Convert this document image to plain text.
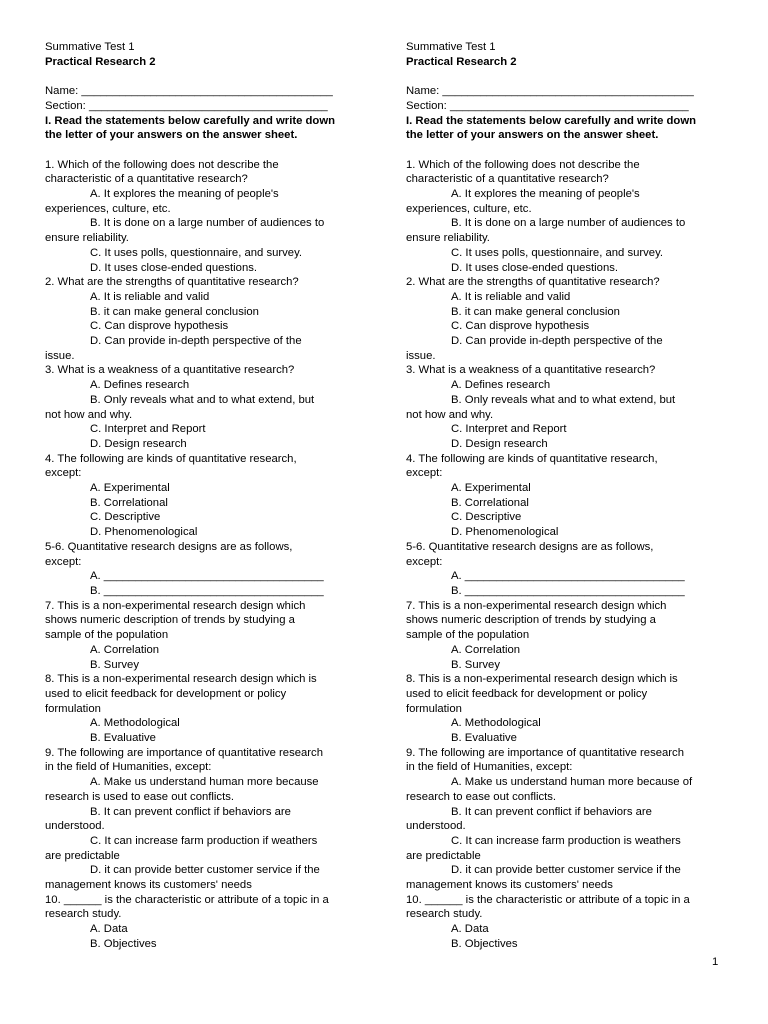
Summative Test 1

Practical Research 2

Name: ________________________________________

Section: ______________________________________

I. Read the statements below carefully and write down

the letter of your answers on the answer sheet.

1. Which of the following does not describe the

characteristic of a quantitative research?

A. It explores the meaning of people's

experiences, culture, etc.

B. It is done on a large number of audiences to

ensure reliability.

C. It uses polls, questionnaire, and survey.

D. It uses close-ended questions.

2. What are the strengths of quantitative research?

A. It is reliable and valid

B. it can make general conclusion

C. Can disprove hypothesis

D. Can provide in-depth perspective of the

issue.

3. What is a weakness of a quantitative research?

A. Defines research

B. Only reveals what and to what extend, but

not how and why.

C. Interpret and Report

D. Design research

4. The following are kinds of quantitative research,

except:

A. Experimental

B. Correlational

C. Descriptive

D. Phenomenological

5-6. Quantitative research designs are as follows,

except:

A. ___________________________________

B. ___________________________________

7. This is a non-experimental research design which

shows numeric description of trends by studying a

sample of the population

A. Correlation

B. Survey

8. This is a non-experimental research design which is

used to elicit feedback for development or policy

formulation

A. Methodological

B. Evaluative

9. The following are importance of quantitative research

in the field of Humanities, except:

A. Make us understand human more because

research is used to ease out conflicts.

B. It can prevent conflict if behaviors are

understood.

C. It can increase farm production if weathers

are predictable

D. it can provide better customer service if the

management knows its customers' needs

10. ______ is the characteristic or attribute of a topic in a

research study.

A. Data

B. Objectives

Summative Test 1

Practical Research 2

Name: ________________________________________

Section: ______________________________________

I. Read the statements below carefully and write down

the letter of your answers on the answer sheet.

1. Which of the following does not describe the

characteristic of a quantitative research?

A. It explores the meaning of people's

experiences, culture, etc.

B. It is done on a large number of audiences to

ensure reliability.

C. It uses polls, questionnaire, and survey.

D. It uses close-ended questions.

2. What are the strengths of quantitative research?

A. It is reliable and valid

B. it can make general conclusion

C. Can disprove hypothesis

D. Can provide in-depth perspective of the

issue.

3. What is a weakness of a quantitative research?

A. Defines research

B. Only reveals what and to what extend, but

not how and why.

C. Interpret and Report

D. Design research

4. The following are kinds of quantitative research,

except:

A. Experimental

B. Correlational

C. Descriptive

D. Phenomenological

5-6. Quantitative research designs are as follows,

except:

A. ___________________________________

B. ___________________________________

7. This is a non-experimental research design which

shows numeric description of trends by studying a

sample of the population

A. Correlation

B. Survey

8. This is a non-experimental research design which is

used to elicit feedback for development or policy

formulation

A. Methodological

B. Evaluative

9. The following are importance of quantitative research

in the field of Humanities, except:

A. Make us understand human more because of

research to ease out conflicts.

B. It can prevent conflict if behaviors are

understood.

C. It can increase farm production is weathers

are predictable

D. it can provide better customer service if the

management knows its customers' needs

10. ______ is the characteristic or attribute of a topic in a

research study.

A. Data

B. Objectives

1
